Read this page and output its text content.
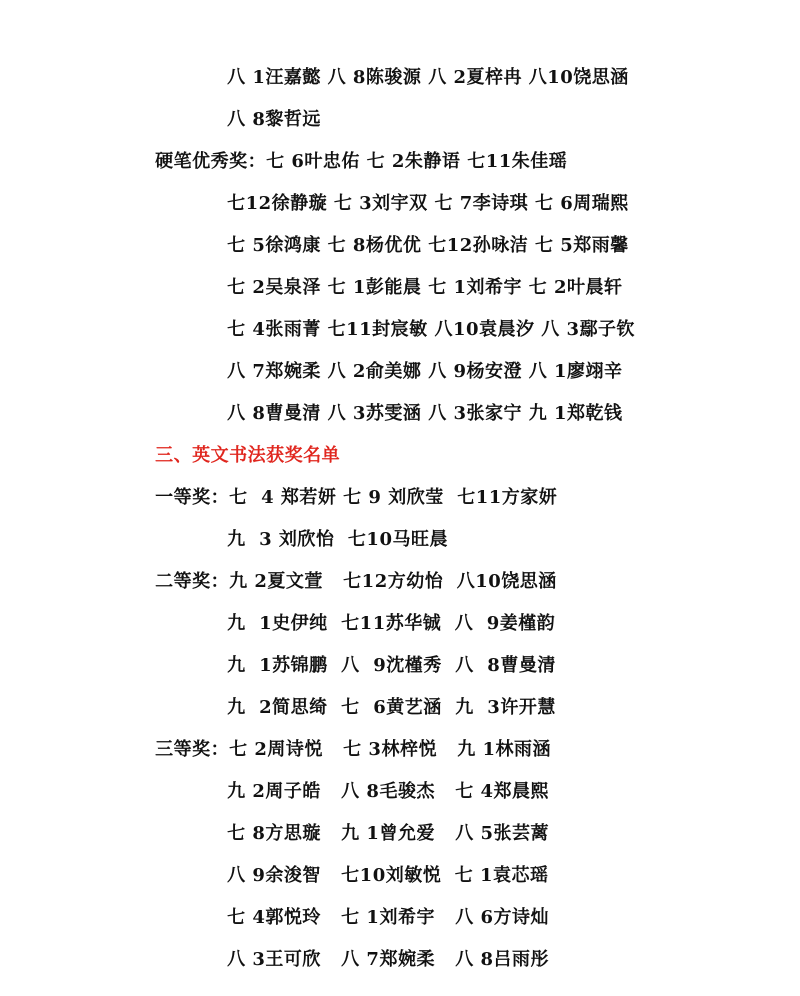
八 1汪嘉懿 八 8陈骏源 八 2夏梓冉 八10饶思涵

八 8黎哲远

硬笔优秀奖：七 6叶忠佑 七 2朱静语 七11朱佳瑶

七12徐静璇 七 3刘宇双 七 7李诗琪 七 6周瑞熙

七 5徐鸿康 七 8杨优优 七12孙咏洁 七 5郑雨馨

七 2吴泉泽 七 1彭能晨 七 1刘希宇 七 2叶晨轩

七 4张雨菁 七11封宸敏 八10袁晨汐 八 3鄢子钦

八 7郑婉柔 八 2俞美娜 八 9杨安澄 八 1廖翊辛

八 8曹曼清 八 3苏雯涵 八 3张家宁 九 1郑乾钱

三、英文书法获奖名单

一等奖：七  4 郑若妍 七 9 刘欣莹  七11方家妍

九  3 刘欣怡  七10马旺晨

二等奖：九 2夏文萱   七12方幼怡  八10饶思涵

九  1史伊纯  七11苏华铖  八  9姜槿韵

九  1苏锦鹏  八  9沈槿秀  八  8曹曼清

九  2简思绮  七  6黄艺涵  九  3许开慧

三等奖：七 2周诗悦   七 3林梓悦   九 1林雨涵

九 2周子皓   八 8毛骏杰   七 4郑晨熙

七 8方思璇   九 1曾允爱   八 5张芸蓠

八 9余浚智   七10刘敏悦  七 1袁芯瑶

七 4郭悦玲   七 1刘希宇   八 6方诗灿

八 3王可欣   八 7郑婉柔   八 8吕雨彤
